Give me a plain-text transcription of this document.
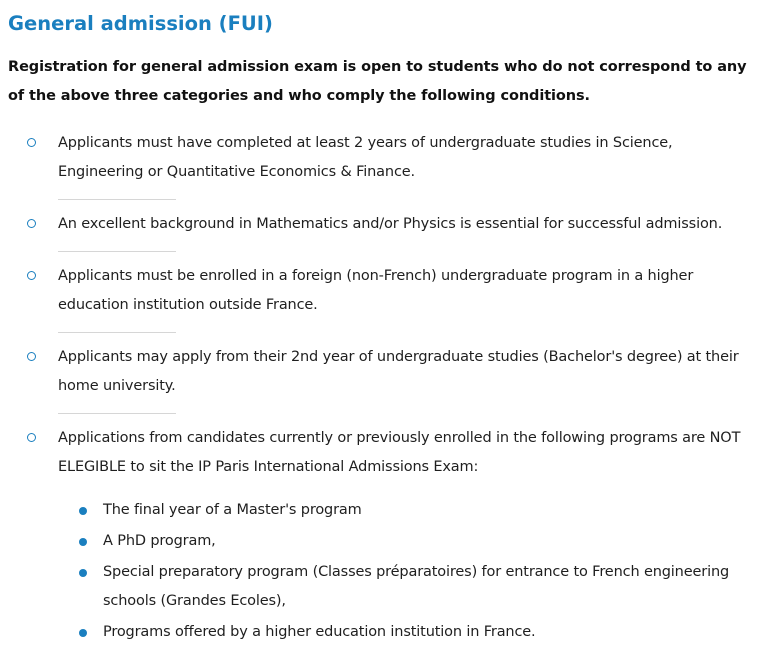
General admission (FUI)

Registration for general admission exam is open to students who do not correspond to any of the above three categories and who comply the following conditions.

Applicants must have completed at least 2 years of undergraduate studies in Science, Engineering or Quantitative Economics & Finance.
An excellent background in Mathematics and/or Physics is essential for successful admission.
Applicants must be enrolled in a foreign (non-French) undergraduate program in a higher education institution outside France.
Applicants may apply from their 2nd year of undergraduate studies (Bachelor's degree) at their home university.
Applications from candidates currently or previously enrolled in the following programs are NOT ELEGIBLE to sit the IP Paris International Admissions Exam:
The final year of a Master's program
A PhD program,
Special preparatory program (Classes préparatoires) for entrance to French engineering schools (Grandes Ecoles),
Programs offered by a higher education institution in France.
